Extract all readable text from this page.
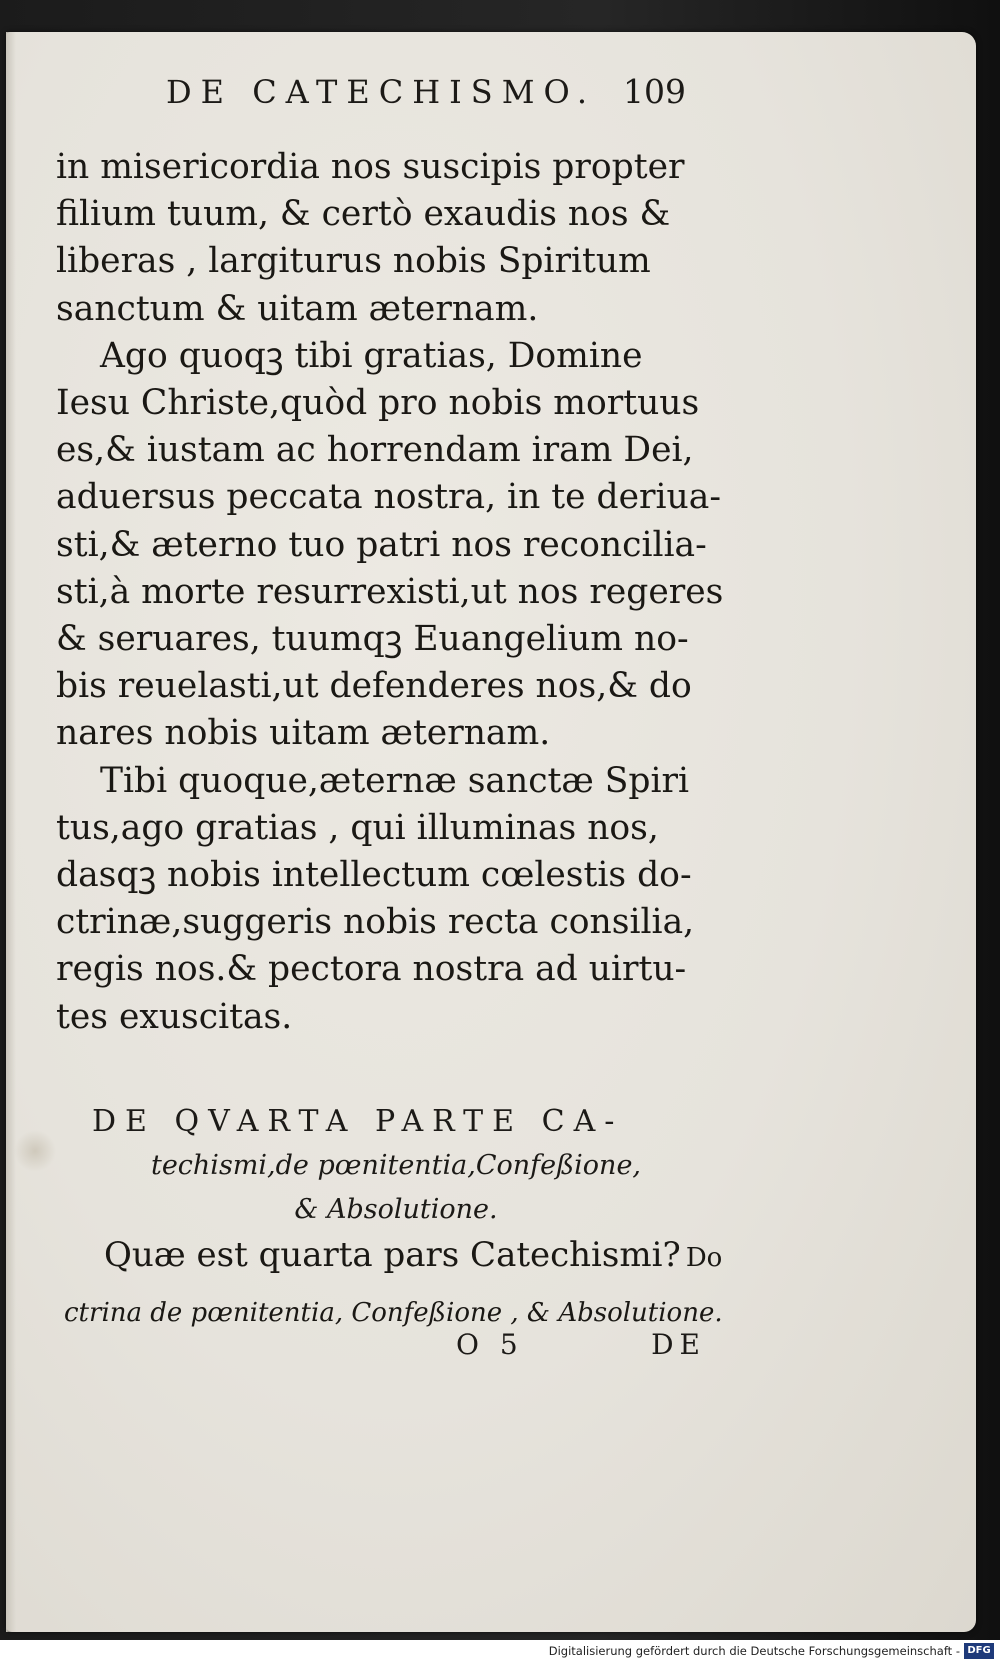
DE CATECHISMO. 109
in misericordia nos suscipis propter
filium tuum, & certò exaudis nos &
liberas , largiturus nobis Spiritum
sanctum & uitam æternam.
Ago quoqꝫ tibi gratias, Domine
Iesu Christe,quòd pro nobis mortuus
es,& iustam ac horrendam iram Dei,
aduersus peccata nostra, in te deriua-
sti,& æterno tuo patri nos reconcilia-
sti,à morte resurrexisti,ut nos regeres
& seruares, tuumqꝫ Euangelium no-
bis reuelasti,ut defenderes nos,& do
nares nobis uitam æternam.
Tibi quoque,æternæ sanctæ Spiri
tus,ago gratias , qui illuminas nos,
dasqꝫ nobis intellectum cœlestis do-
ctrinæ,suggeris nobis recta consilia,
regis nos.& pectora nostra ad uirtu-
tes exuscitas.
DE QVARTA PARTE CA-
techismi,de pœnitentia,Confeßione,
& Absolutione.
Quæ est quarta pars Catechismi? Do
ctrina de pœnitentia, Confeßione , & Absolutione.
O 5	DE
Digitalisierung gefördert durch die Deutsche Forschungsgemeinschaft - DFG
